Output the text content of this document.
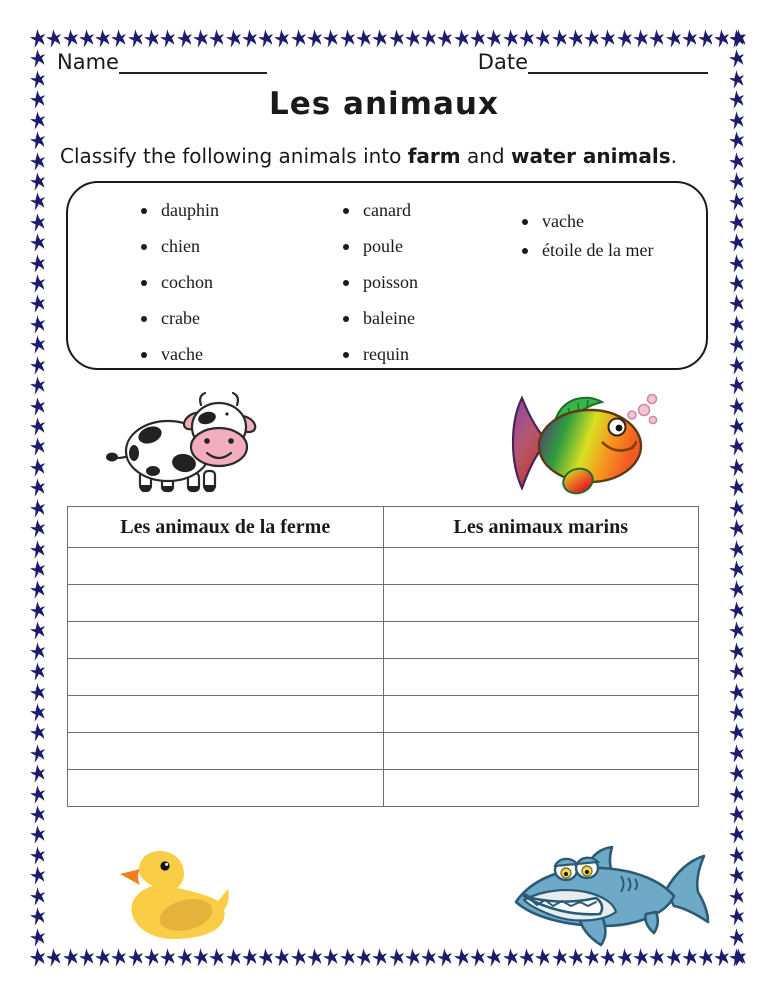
Name	Date
Les animaux

Classify the following animals into farm and water animals.

dauphin
chien
cochon
crabe
vache
canard
poule
poisson
baleine
requin
vache
étoile de la mer
Les animaux de la ferme	Les animaux marins
